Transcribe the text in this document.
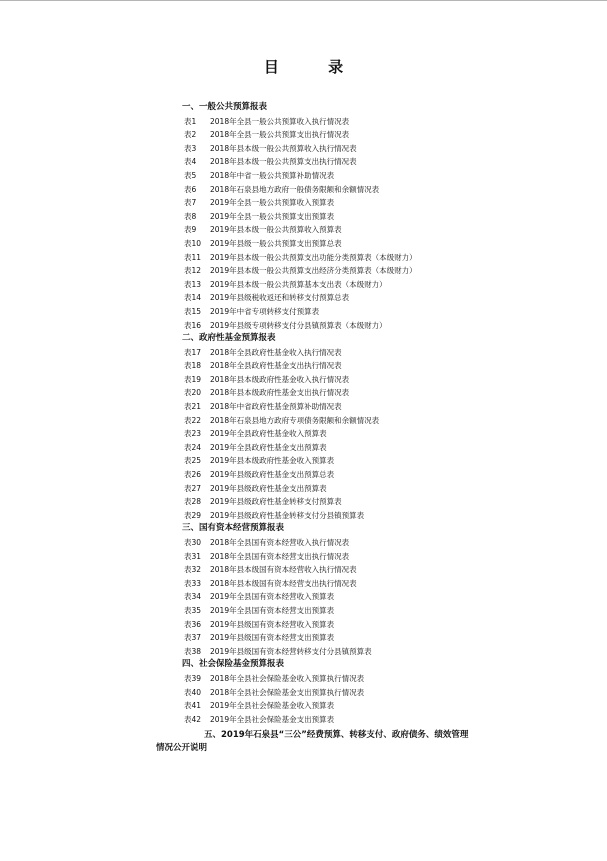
目 录
一、一般公共预算报表
表1 2018年全县一般公共预算收入执行情况表
表2 2018年全县一般公共预算支出执行情况表
表3 2018年县本级一般公共预算收入执行情况表
表4 2018年县本级一般公共预算支出执行情况表
表5 2018年中省一般公共预算补助情况表
表6 2018年石泉县地方政府一般债务限额和余额情况表
表7 2019年全县一般公共预算收入预算表
表8 2019年全县一般公共预算支出预算表
表9 2019年县本级一般公共预算收入预算表
表10 2019年县级一般公共预算支出预算总表
表11 2019年县本级一般公共预算支出功能分类预算表（本级财力）
表12 2019年县本级一般公共预算支出经济分类预算表（本级财力）
表13 2019年县本级一般公共预算基本支出表（本级财力）
表14 2019年县级税收返还和转移支付预算总表
表15 2019年中省专项转移支付预算表
表16 2019年县级专项转移支付分县镇预算表（本级财力）
二、政府性基金预算报表
表17 2018年全县政府性基金收入执行情况表
表18 2018年全县政府性基金支出执行情况表
表19 2018年县本级政府性基金收入执行情况表
表20 2018年县本级政府性基金支出执行情况表
表21 2018年中省政府性基金预算补助情况表
表22 2018年石泉县地方政府专项债务限额和余额情况表
表23 2019年全县政府性基金收入预算表
表24 2019年全县政府性基金支出预算表
表25 2019年县本级政府性基金收入预算表
表26 2019年县级政府性基金支出预算总表
表27 2019年县级政府性基金支出预算表
表28 2019年县级政府性基金转移支付预算表
表29 2019年县级政府性基金转移支付分县镇预算表
三、国有资本经营预算报表
表30 2018年全县国有资本经营收入执行情况表
表31 2018年全县国有资本经营支出执行情况表
表32 2018年县本级国有资本经营收入执行情况表
表33 2018年县本级国有资本经营支出执行情况表
表34 2019年全县国有资本经营收入预算表
表35 2019年全县国有资本经营支出预算表
表36 2019年县级国有资本经营收入预算表
表37 2019年县级国有资本经营支出预算表
表38 2019年县级国有资本经营转移支付分县镇预算表
四、社会保险基金预算报表
表39 2018年全县社会保险基金收入预算执行情况表
表40 2018年全县社会保险基金支出预算执行情况表
表41 2019年全县社会保险基金收入预算表
表42 2019年全县社会保险基金支出预算表
五、2019年石泉县“三公”经费预算、转移支付、政府债务、绩效管理
情况公开说明
